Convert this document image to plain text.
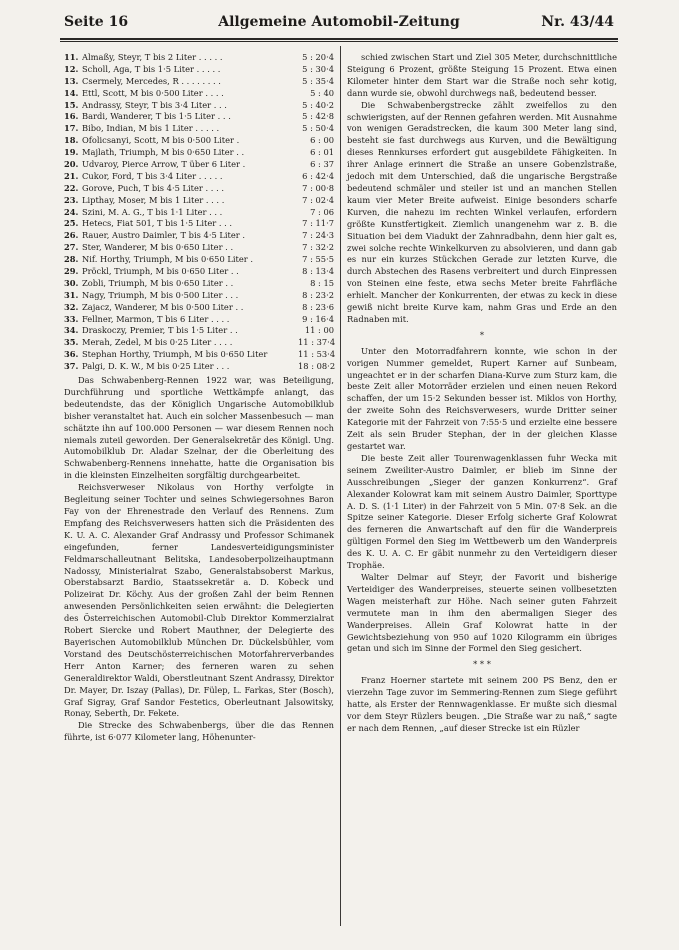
Seite 16	Allgemeine Automobil-Zeitung	Nr. 43/44
11. Almaßy, Steyr, T bis 2 Liter . . . . .	5 : 20·4
12. Scholl, Aga, T bis 1·5 Liter . . . . .	5 : 30·4
13. Csermely, Mercedes, R . . . . . . . .	5 : 35·4
14. Ettl, Scott, M bis 0·500 Liter . . . .	5 : 40
15. Andrassy, Steyr, T bis 3·4 Liter . . .	5 : 40·2
16. Bardi, Wanderer, T bis 1·5 Liter . . .	5 : 42·8
17. Bibo, Indian, M bis 1 Liter . . . . .	5 : 50·4
18. Ofolicsanyi, Scott, M bis 0·500 Liter .	6 : 00
19. Majlath, Triumph, M bis 0·650 Liter . .	6 : 01
20. Udvaroy, Pierce Arrow, T über 6 Liter .	6 : 37
21. Cukor, Ford, T bis 3·4 Liter . . . . .	6 : 42·4
22. Gorove, Puch, T bis 4·5 Liter . . . .	7 : 00·8
23. Lipthay, Moser, M bis 1 Liter . . . .	7 : 02·4
24. Szini, M. A. G., T bis 1·1 Liter . . .	7 : 06
25. Hetecs, Fiat 501, T bis 1·5 Liter . . .	7 : 11·7
26. Rauer, Austro Daimler, T bis 4·5 Liter .	7 : 24·3
27. Ster, Wanderer, M bis 0·650 Liter . .	7 : 32·2
28. Nif. Horthy, Triumph, M bis 0·650 Liter .	7 : 55·5
29. Pröckl, Triumph, M bis 0·650 Liter . .	8 : 13·4
30. Zobli, Triumph, M bis 0·650 Liter . .	8 : 15
31. Nagy, Triumph, M bis 0·500 Liter . . .	8 : 23·2
32. Zajacz, Wanderer, M bis 0·500 Liter . .	8 : 23·6
33. Fellner, Marmon, T bis 6 Liter . . . .	9 : 16·4
34. Draskoczy, Premier, T bis 1·5 Liter . .	11 : 00
35. Merah, Zedel, M bis 0·25 Liter . . . .	11 : 37·4
36. Stephan Horthy, Triumph, M bis 0·650 Liter	11 : 53·4
37. Palgi, D. K. W., M bis 0·25 Liter . . .	18 : 08·2

Das Schwabenberg-Rennen 1922 war, was Beteiligung, Durchführung und sportliche Wettkämpfe anlangt, das bedeutendste, das der Königlich Ungarische Automobilklub bisher veranstaltet hat. Auch ein solcher Massenbesuch — man schätzte ihn auf 100.000 Personen — war diesem Rennen noch niemals zuteil geworden. Der Generalsekretär des Königl. Ung. Automobilklub Dr. Aladar Szelnar, der die Oberleitung des Schwabenberg-Rennens innehatte, hatte die Organisation bis in die kleinsten Einzelheiten sorgfältig durchgearbeitet.

Reichsverweser Nikolaus von Horthy verfolgte in Begleitung seiner Tochter und seines Schwiegersohnes Baron Fay von der Ehrenestrade den Verlauf des Rennens. Zum Empfang des Reichsverwesers hatten sich die Präsidenten des K. U. A. C. Alexander Graf Andrassy und Professor Schimanek eingefunden, ferner Landesverteidigungsminister Feldmarschalleutnant Belitska, Landesoberpolizeihauptmann Nadossy, Ministerialrat Szabo, Generalstabsoberst Markus, Oberstabsarzt Bardio, Staatssekretär a. D. Kobeck und Polizeirat Dr. Köchy. Aus der großen Zahl der beim Rennen anwesenden Persönlichkeiten seien erwähnt: die Delegierten des Österreichischen Automobil-Club Direktor Kommerzialrat Robert Siercke und Robert Mauthner, der Delegierte des Bayerischen Automobilklub München Dr. Dückelsbühler, vom Vorstand des Deutschösterreichischen Motorfahrerverbandes Herr Anton Karner; des ferneren waren zu sehen Generaldirektor Waldi, Oberstleutnant Szent Andrassy, Direktor Dr. Mayer, Dr. Iszay (Pallas), Dr. Fülep, L. Farkas, Ster (Bosch), Graf Sigray, Graf Sandor Festetics, Oberleutnant Jalsowitsky, Ronay, Seberth, Dr. Fekete.

Die Strecke des Schwabenbergs, über die das Rennen führte, ist 6·077 Kilometer lang, Höhenunter-

schied zwischen Start und Ziel 305 Meter, durchschnittliche Steigung 6 Prozent, größte Steigung 15 Prozent. Etwa einen Kilometer hinter dem Start war die Straße noch sehr kotig, dann wurde sie, obwohl durchwegs naß, bedeutend besser.

Die Schwabenbergstrecke zählt zweifellos zu den schwierigsten, auf der Rennen gefahren werden. Mit Ausnahme von wenigen Geradstrecken, die kaum 300 Meter lang sind, besteht sie fast durchwegs aus Kurven, und die Bewältigung dieses Rennkurses erfordert gut ausgebildete Fähigkeiten. In ihrer Anlage erinnert die Straße an unsere Gobenzlstraße, jedoch mit dem Unterschied, daß die ungarische Bergstraße bedeutend schmäler und steiler ist und an manchen Stellen kaum vier Meter Breite aufweist. Einige besonders scharfe Kurven, die nahezu im rechten Winkel verlaufen, erfordern größte Kunstfertigkeit. Ziemlich unangenehm war z. B. die Situation bei dem Viadukt der Zahnradbahn, denn hier galt es, zwei solche rechte Winkelkurven zu absolvieren, und dann gab es nur ein kurzes Stückchen Gerade zur letzten Kurve, die durch Abstechen des Rasens verbreitert und durch Einpressen von Steinen eine feste, etwa sechs Meter breite Fahrfläche erhielt. Mancher der Konkurrenten, der etwas zu keck in diese gewiß nicht breite Kurve kam, nahm Gras und Erde an den Radnaben mit.

*

Unter den Motorradfahrern konnte, wie schon in der vorigen Nummer gemeldet, Rupert Karner auf Sunbeam, ungeachtet er in der scharfen Diana-Kurve zum Sturz kam, die beste Zeit aller Motorräder erzielen und einen neuen Rekord schaffen, der um 15·2 Sekunden besser ist. Miklos von Horthy, der zweite Sohn des Reichsverwesers, wurde Dritter seiner Kategorie mit der Fahrzeit von 7:55·5 und erzielte eine bessere Zeit als sein Bruder Stephan, der in der gleichen Klasse gestartet war.

Die beste Zeit aller Tourenwagenklassen fuhr Wecka mit seinem Zweiliter-Austro Daimler, er blieb im Sinne der Ausschreibungen „Sieger der ganzen Konkurrenz“. Graf Alexander Kolowrat kam mit seinem Austro Daimler, Sporttype A. D. S. (1·1 Liter) in der Fahrzeit von 5 Min. 07·8 Sek. an die Spitze seiner Kategorie. Dieser Erfolg sicherte Graf Kolowrat des ferneren die Anwartschaft auf den für die Wanderpreis gültigen Formel den Sieg im Wettbewerb um den Wanderpreis des K. U. A. C. Er gäbit nunmehr zu den Verteidigern dieser Trophäe.

Walter Delmar auf Steyr, der Favorit und bisherige Verteidiger des Wanderpreises, steuerte seinen vollbesetzten Wagen meisterhaft zur Höhe. Nach seiner guten Fahrzeit vermutete man in ihm den abermaligen Sieger des Wanderpreises. Allein Graf Kolowrat hatte in der Gewichtsbeziehung von 950 auf 1020 Kilogramm ein übriges getan und sich im Sinne der Formel den Sieg gesichert.

* * *

Franz Hoerner startete mit seinem 200 PS Benz, den er vierzehn Tage zuvor im Semmering-Rennen zum Siege geführt hatte, als Erster der Rennwagenklasse. Er mußte sich diesmal vor dem Steyr Rüzlers beugen. „Die Straße war zu naß,“ sagte er nach dem Rennen, „auf dieser Strecke ist ein Rüzler
